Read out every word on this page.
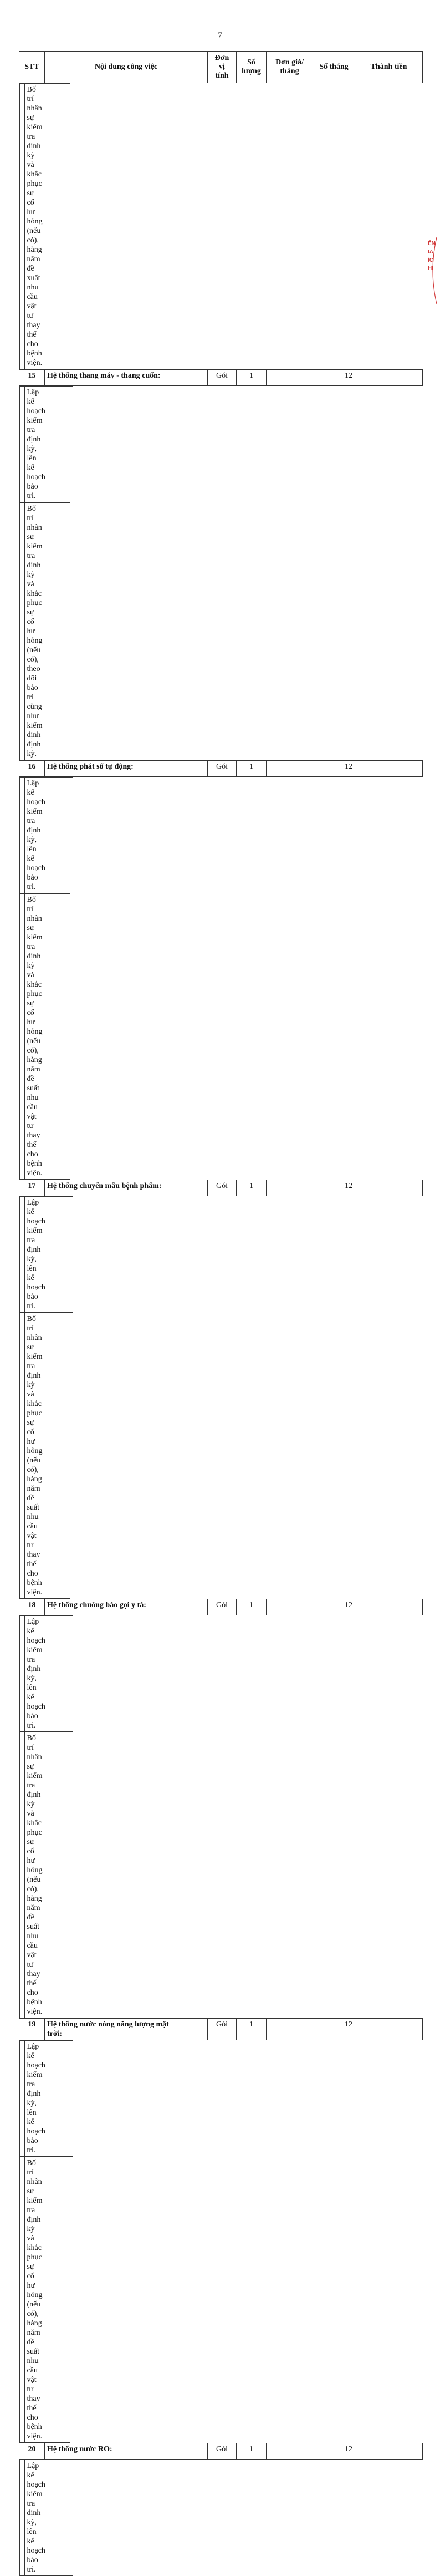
7
STT	Nội dung công việc	Đơn
vị
tính	Số
lượng	Đơn giá/
tháng	Số tháng	Thành tiền

Bố trí nhân sự kiểm tra định kỳ và khắc
phục sự cố hư hỏng (nếu có), hàng năm đề
xuất nhu cầu vật tư thay thế cho bệnh viện.

15	Hệ thống thang máy - thang cuốn:	Gói	1		12

Lập kế hoạch kiểm tra định kỳ, lên kế
hoạch bảo trì.

Bố trí nhân sự kiểm tra định kỳ và khắc
phục sự cố hư hỏng (nếu có), theo dõi bảo
trì cũng như kiểm định định kỳ.

16	Hệ thống phát số tự động:	Gói	1		12

Lập kế hoạch kiểm tra định kỳ, lên kế
hoạch bảo trì.

Bố trí nhân sự kiểm tra định kỳ và khắc
phục sự cố hư hỏng (nếu có), hàng năm đề
suất nhu cầu vật tư thay thế cho bệnh viện.

17	Hệ thống chuyển mẫu bệnh phẩm:	Gói	1		12

Lập kế hoạch kiểm tra định kỳ, lên kế
hoạch bảo trì.

Bố trí nhân sự kiểm tra định kỳ và khắc
phục sự cố hư hỏng (nếu có), hàng năm đề
suất nhu cầu vật tư thay thế cho bệnh viện.

18	Hệ thống chuông báo gọi y tá:	Gói	1		12

Lập kế hoạch kiểm tra định kỳ, lên kế
hoạch bảo trì.

Bố trí nhân sự kiểm tra định kỳ và khắc
phục sự cố hư hỏng (nếu có), hàng năm đề
suất nhu cầu vật tư thay thế cho bệnh viện.

19	Hệ thống nước nóng năng lượng mặt
trời:	Gói	1		12

Lập kế hoạch kiểm tra định kỳ, lên kế
hoạch bảo trì.

Bố trí nhân sự kiểm tra định kỳ và khắc
phục sự cố hư hỏng (nếu có), hàng năm đề
suất nhu cầu vật tư thay thế cho bệnh viện.

20	Hệ thống nước RO:	Gói	1		12

Lập kế hoạch kiểm tra định kỳ, lên kế
hoạch bảo trì.

ÊN
IA
ÍC
HI
·
